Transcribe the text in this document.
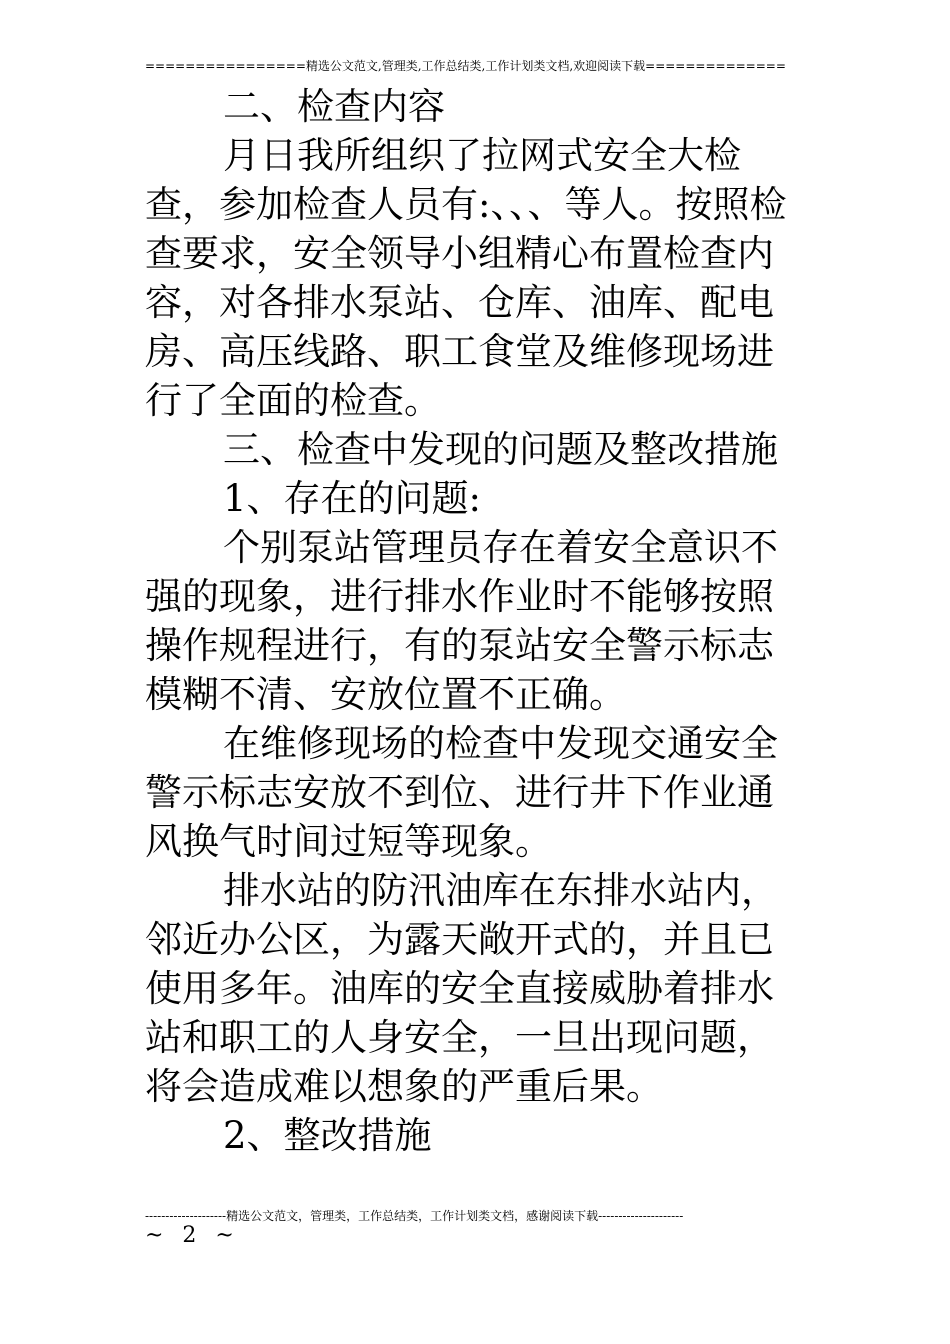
================精选公文范文,管理类,工作总结类,工作计划类文档,欢迎阅读下载==============

二、检查内容

月日我所组织了拉网式安全大检查，参加检查人员有:、、、等人。按照检查要求，安全领导小组精心布置检查内容，对各排水泵站、仓库、油库、配电房、高压线路、职工食堂及维修现场进行了全面的检查。

三、检查中发现的问题及整改措施

1、存在的问题:

个别泵站管理员存在着安全意识不强的现象，进行排水作业时不能够按照操作规程进行，有的泵站安全警示标志模糊不清、安放位置不正确。

在维修现场的检查中发现交通安全警示标志安放不到位、进行井下作业通风换气时间过短等现象。

排水站的防汛油库在东排水站内，邻近办公区，为露天敞开式的，并且已使用多年。油库的安全直接威胁着排水站和职工的人身安全，一旦出现问题，将会造成难以想象的严重后果。

2、整改措施

--------------------精选公文范文，管理类，工作总结类，工作计划类文档，感谢阅读下载---------------------
~ 2 ~
